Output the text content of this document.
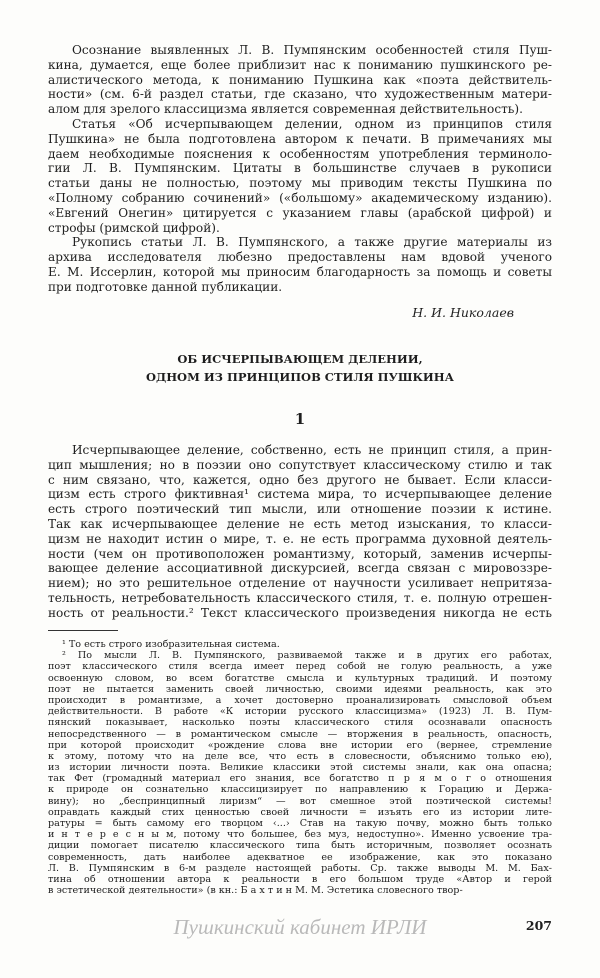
Осознание выявленных Л. В. Пумпянским особенностей стиля Пуш-
кина, думается, еще более приблизит нас к пониманию пушкинского ре-
алистического метода, к пониманию Пушкина как «поэта действитель-
ности» (см. 6-й раздел статьи, где сказано, что художественным матери-
алом для зрелого классицизма является современная действительность).
Статья «Об исчерпывающем делении, одном из принципов стиля
Пушкина» не была подготовлена автором к печати. В примечаниях мы
даем необходимые пояснения к особенностям употребления терминоло-
гии Л. В. Пумпянским. Цитаты в большинстве случаев в рукописи
статьи даны не полностью, поэтому мы приводим тексты Пушкина по
«Полному собранию сочинений» («большому» академическому изданию).
«Евгений Онегин» цитируется с указанием главы (арабской цифрой) и
строфы (римской цифрой).
Рукопись статьи Л. В. Пумпянского, а также другие материалы из
архива исследователя любезно предоставлены нам вдовой ученого
Е. М. Иссерлин, которой мы приносим благодарность за помощь и советы
при подготовке данной публикации.
Н. И. Николаев
ОБ ИСЧЕРПЫВАЮЩЕМ ДЕЛЕНИИ,
ОДНОМ ИЗ ПРИНЦИПОВ СТИЛЯ ПУШКИНА
1
Исчерпывающее деление, собственно, есть не принцип стиля, а прин-
цип мышления; но в поэзии оно сопутствует классическому стилю и так
с ним связано, что, кажется, одно без другого не бывает. Если класси-
цизм есть строго фиктивная¹ система мира, то исчерпывающее деление
есть строго поэтический тип мысли, или отношение поэзии к истине.
Так как исчерпывающее деление не есть метод изыскания, то класси-
цизм не находит истин о мире, т. е. не есть программа духовной деятель-
ности (чем он противоположен романтизму, который, заменив исчерпы-
вающее деление ассоциативной дискурсией, всегда связан с мировоззре-
нием); но это решительное отделение от научности усиливает непритяза-
тельность, нетребовательность классического стиля, т. е. полную отрешен-
ность от реальности.² Текст классического произведения никогда не есть
¹ То есть строго изобразительная система.
² По мысли Л. В. Пумпянского, развиваемой также и в других его работах,
поэт классического стиля всегда имеет перед собой не голую реальность, а уже
освоенную словом, во всем богатстве смысла и культурных традиций. И поэтому
поэт не пытается заменить своей личностью, своими идеями реальность, как это
происходит в романтизме, а хочет достоверно проанализировать смысловой объем
действительности. В работе «К истории русского классицизма» (1923) Л. В. Пум-
пянский показывает, насколько поэты классического стиля осознавали опасность
непосредственного — в романтическом смысле — вторжения в реальность, опасность,
при которой происходит «рождение слова вне истории его (вернее, стремление
к этому, потому что на деле все, что есть в словесности, объяснимо только ею),
из истории личности поэта. Великие классики этой системы знали, как она опасна;
так Фет (громадный материал его знания, все богатство п р я м о г о отношения
к природе он сознательно классицизирует по направлению к Горацию и Держа-
вину); но „беспринципный лиризм“ — вот смешное этой поэтической системы!
оправдать каждый стих ценностью своей личности = изъять его из истории лите-
ратуры = быть самому его творцом ‹...› Став на такую почву, можно быть только
и н т е р е с н ы м, потому что большее, без муз, недоступно». Именно усвоение тра-
диции помогает писателю классического типа быть историчным, позволяет осознать
современность, дать наиболее адекватное ее изображение, как это показано
Л. В. Пумпянским в 6-м разделе настоящей работы. Ср. также выводы М. М. Бах-
тина об отношении автора к реальности в его большом труде «Автор и герой
в эстетической деятельности» (в кн.: Б а х т и н М. М. Эстетика словесного твор-
Пушкинский кабинет ИРЛИ	207
